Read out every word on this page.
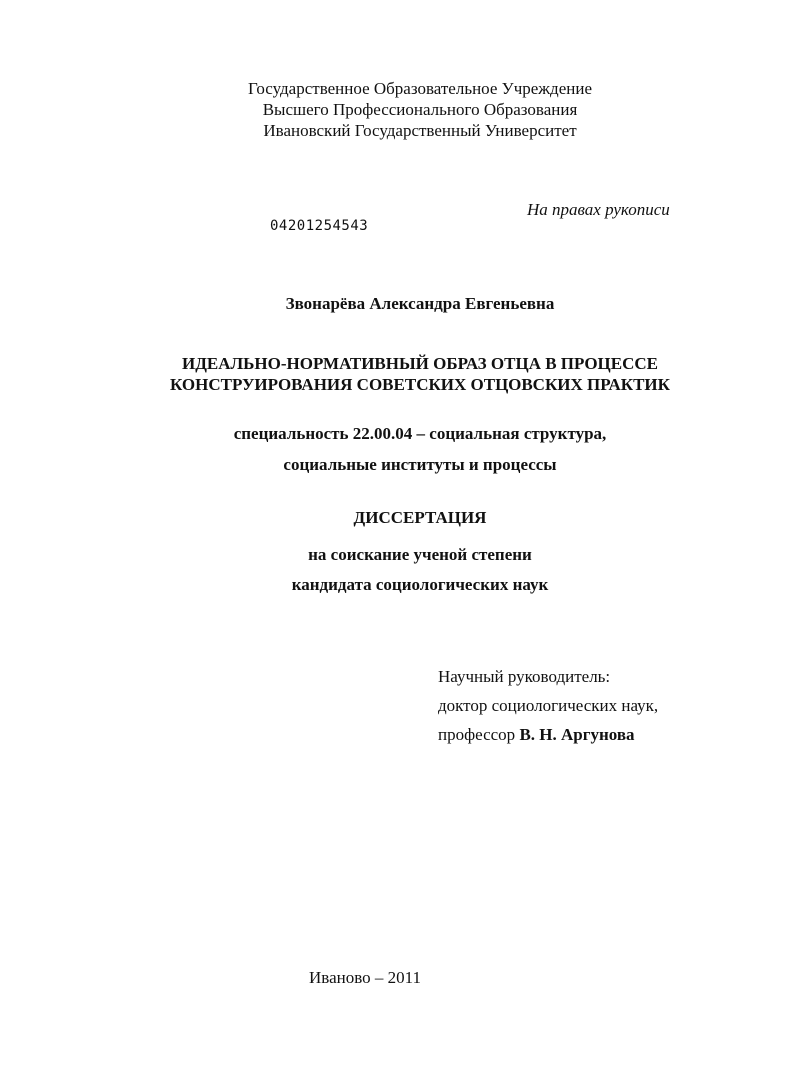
Государственное Образовательное Учреждение
Высшего Профессионального Образования
Ивановский Государственный Университет
На правах рукописи
04201254543
Звонарёва Александра Евгеньевна
ИДЕАЛЬНО-НОРМАТИВНЫЙ ОБРАЗ ОТЦА В ПРОЦЕССЕ
КОНСТРУИРОВАНИЯ СОВЕТСКИХ ОТЦОВСКИХ ПРАКТИК
специальность 22.00.04 – социальная структура,
социальные институты и процессы
ДИССЕРТАЦИЯ
на соискание ученой степени
кандидата социологических наук
Научный руководитель:
доктор социологических наук,
профессор В. Н. Аргунова
Иваново – 2011
